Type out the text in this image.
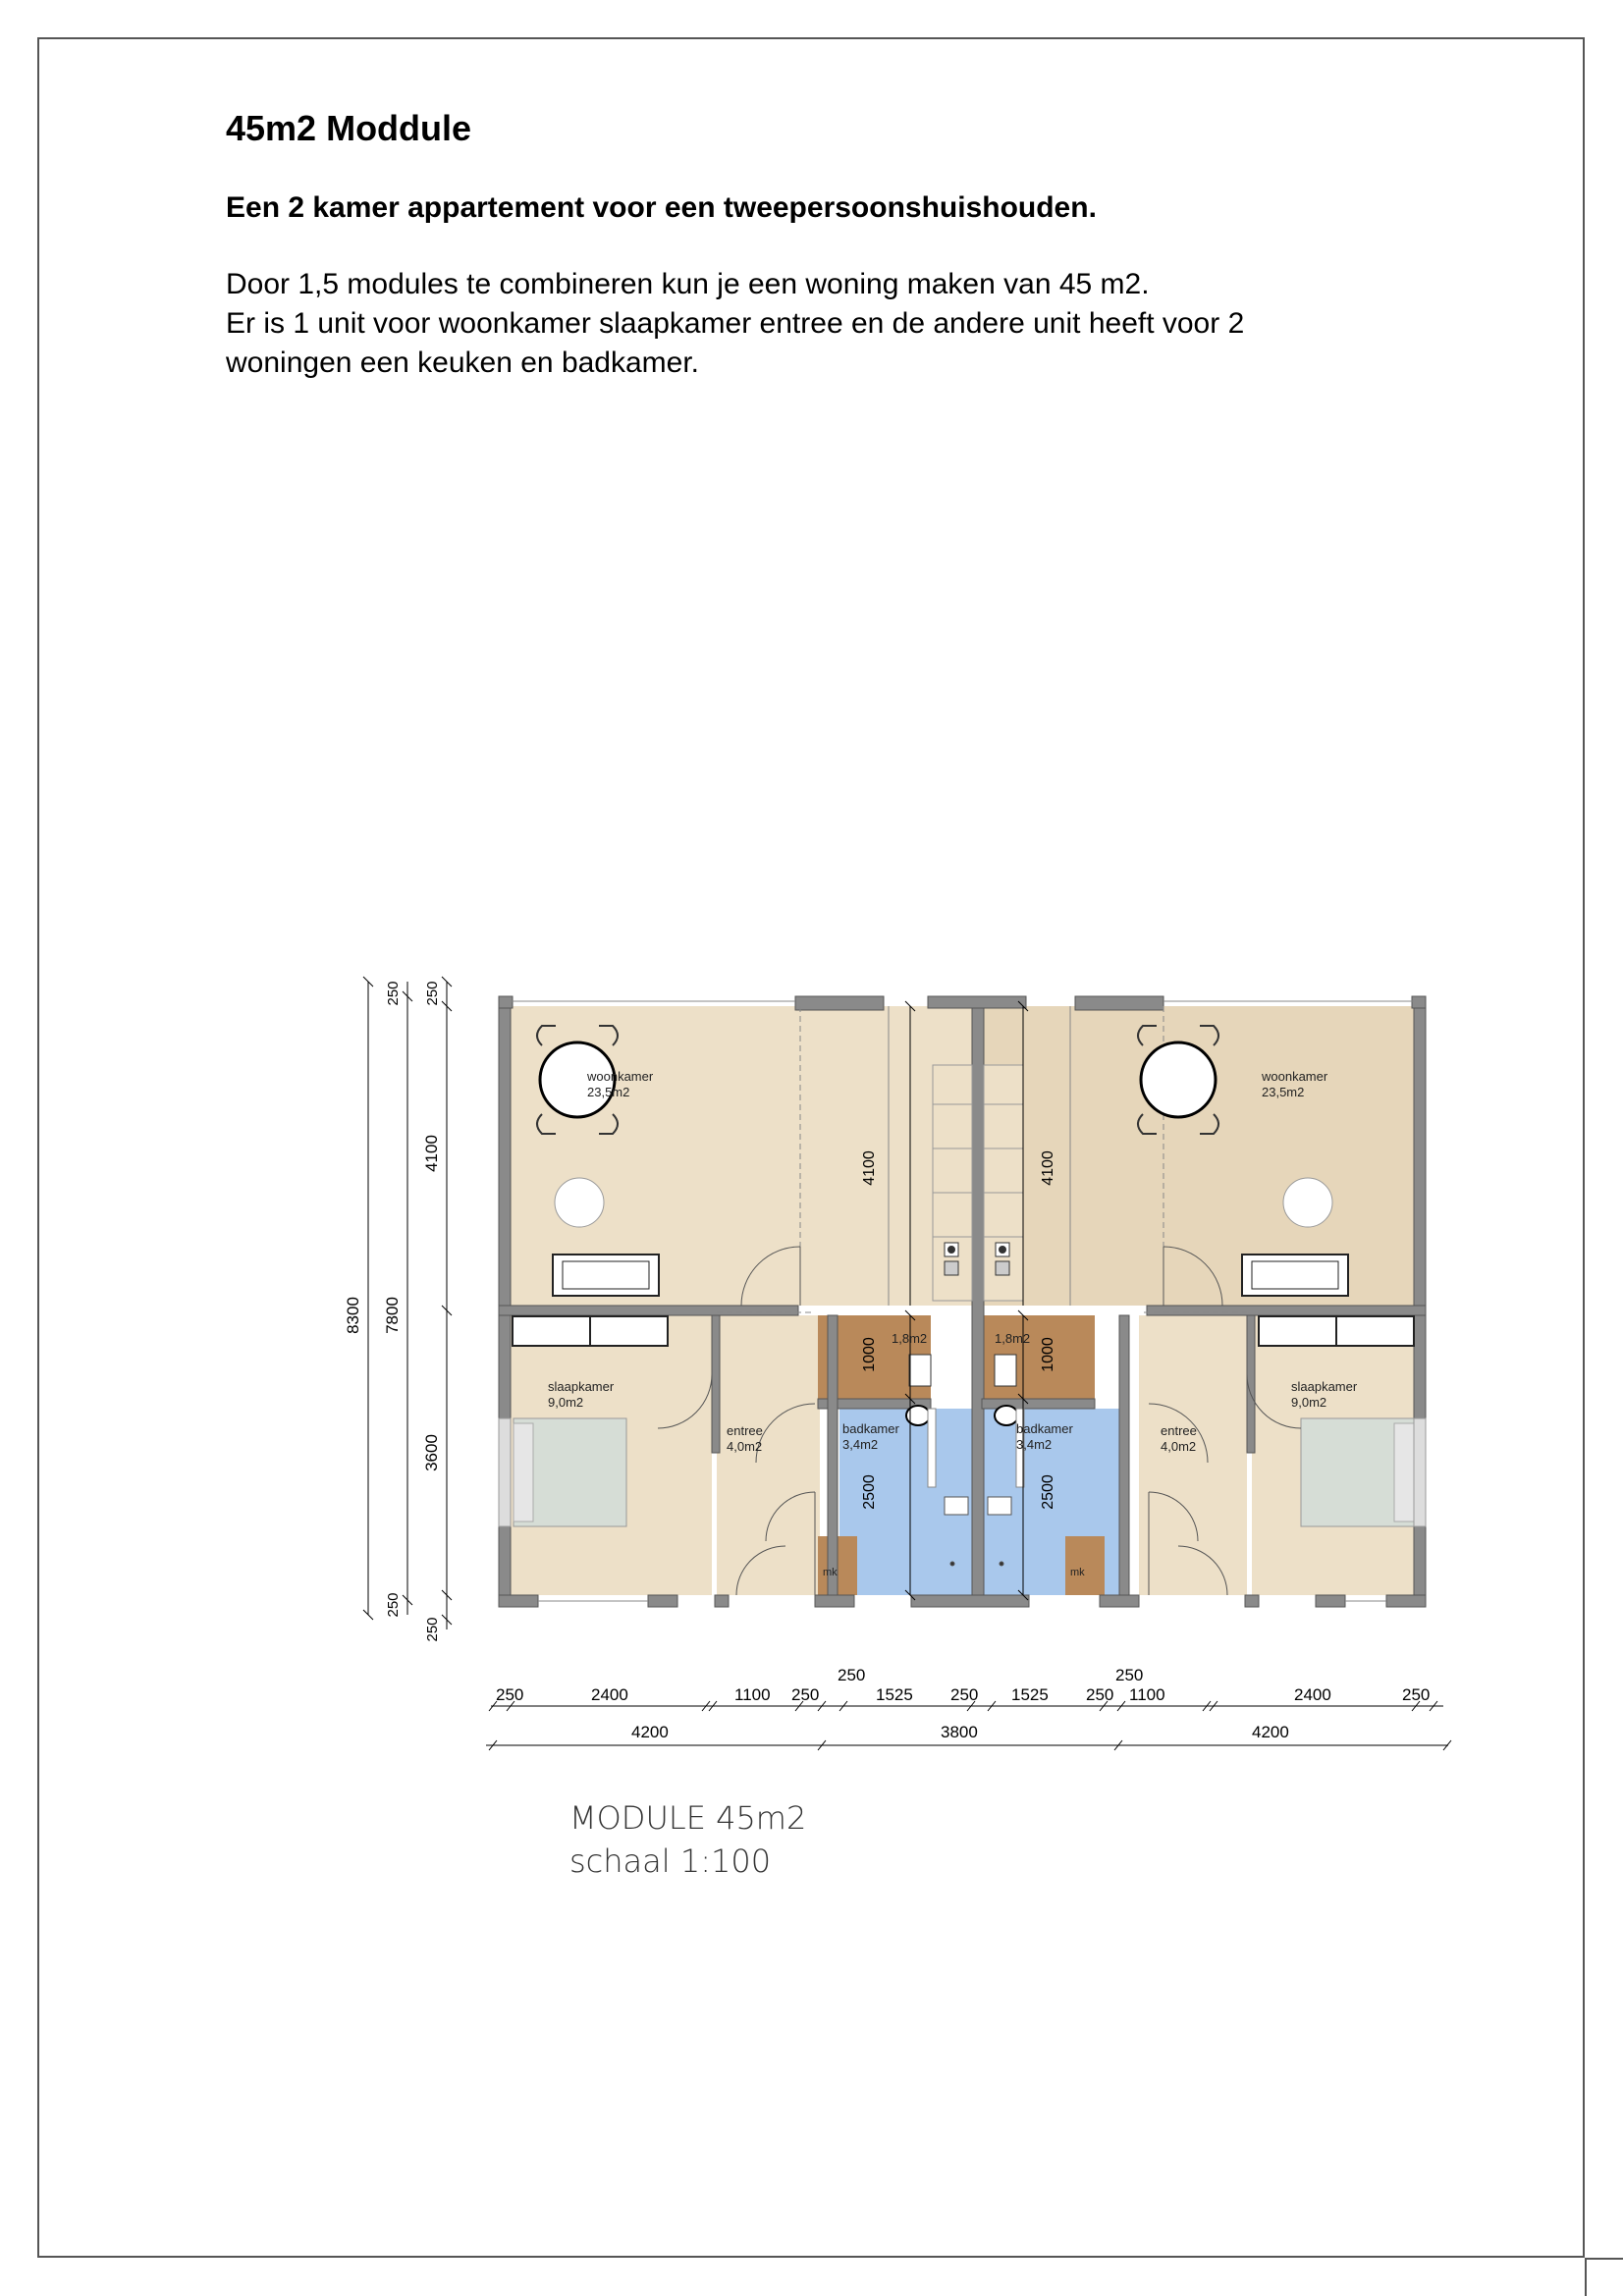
45m2 Moddule
Een 2 kamer appartement voor een tweepersoonshuishouden.
Door 1,5 modules te combineren kun je een woning maken van 45 m2.
Er is 1 unit voor woonkamer slaapkamer entree en de andere unit heeft voor 2
woningen een keuken en badkamer.
woonkamer
23,5m2
woonkamer
23,5m2
slaapkamer
9,0m2
slaapkamer
9,0m2
entree
4,0m2
entree
4,0m2
badkamer
3,4m2
badkamer
3,4m2
1,8m2	1,8m2
mk	mk
4100	4100
1000	1000
2500	2500
8300 7800
250 250
4100
3600
250
250
250	2400	1100 250	1525 250 1525 250 1100	2400	250
250	250
4200	3800	4200
MODULE 45m2
schaal 1:100
